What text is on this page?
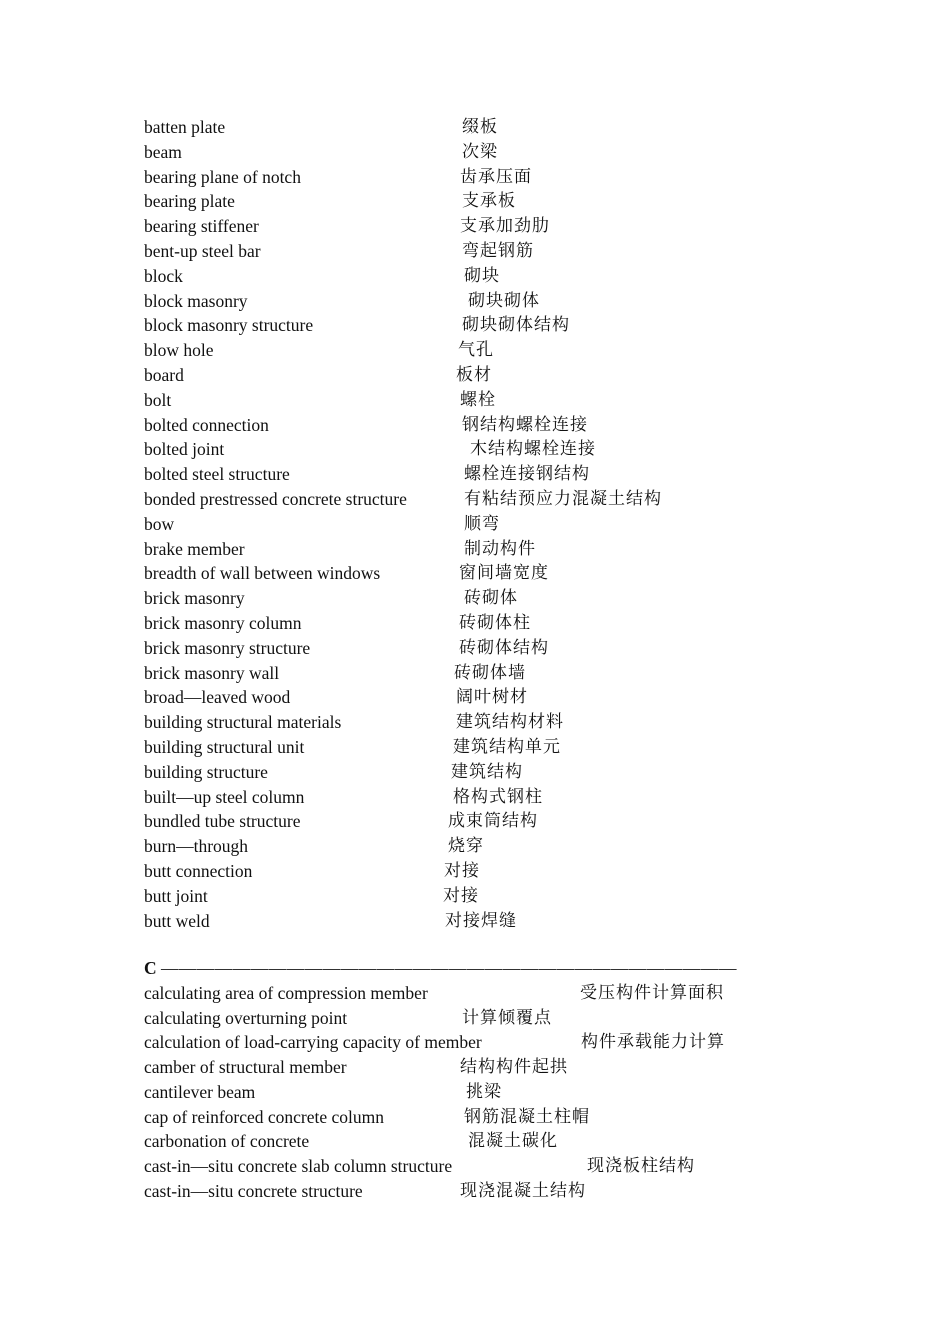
batten plate	缀板
beam	次梁
bearing plane of notch	齿承压面
bearing plate	支承板
bearing stiffener	支承加劲肋
bent-up steel bar	弯起钢筋
block	砌块
block masonry	砌块砌体
block masonry structure	砌块砌体结构
blow hole	气孔
board	板材
bolt	螺栓
bolted connection	钢结构螺栓连接
bolted joint	木结构螺栓连接
bolted steel structure	螺栓连接钢结构
bonded prestressed concrete structure	有粘结预应力混凝土结构
bow	顺弯
brake member	制动构件
breadth of wall between windows	窗间墙宽度
brick masonry	砖砌体
brick masonry column	砖砌体柱
brick masonry structure	砖砌体结构
brick masonry wall	砖砌体墙
broad—leaved wood	阔叶树材
building structural materials	建筑结构材料
building structural unit	建筑结构单元
building structure	建筑结构
built—up steel column	格构式钢柱
bundled tube structure	成束筒结构
burn—through	烧穿
butt connection	对接
butt joint	对接
butt weld	对接焊缝
C ————————————————————————————————
calculating area of compression member	受压构件计算面积
calculating overturning point	计算倾覆点
calculation of load-carrying capacity of member	构件承载能力计算
camber of structural member	结构构件起拱
cantilever beam	挑梁
cap of reinforced concrete column	钢筋混凝土柱帽
carbonation of concrete	混凝土碳化
cast-in—situ concrete slab column structure	现浇板柱结构
cast-in—situ concrete structure	现浇混凝土结构
